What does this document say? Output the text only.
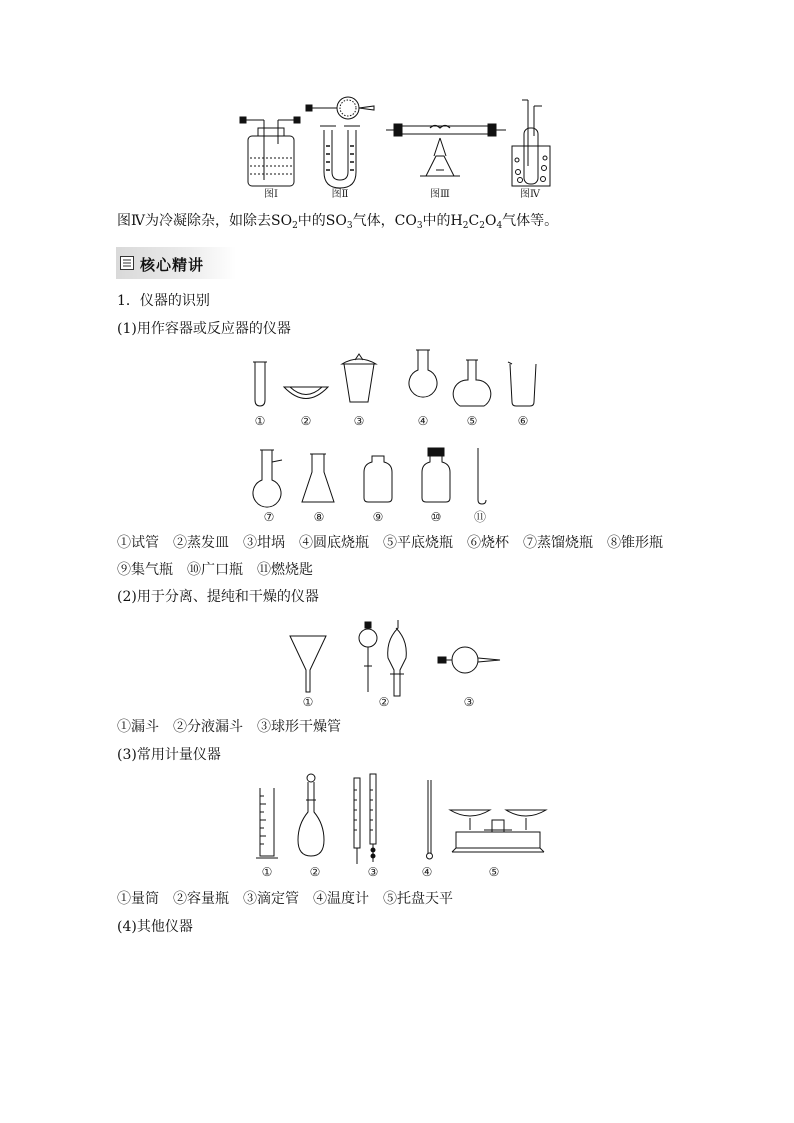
图Ⅰ	图Ⅱ	图Ⅲ	图Ⅳ
图Ⅳ为冷凝除杂，如除去$SO_2$中的$SO_3$气体，$CO_3$中的$H_2C_2O_4$气体等。
核心精讲
1．仪器的识别
(1)用作容器或反应器的仪器
①	②	③	④	⑤	⑥
⑦	⑧	⑨	⑩	⑪
①试管 ②蒸发皿 ③坩埚 ④圆底烧瓶 ⑤平底烧瓶 ⑥烧杯 ⑦蒸馏烧瓶 ⑧锥形瓶
⑨集气瓶 ⑩广口瓶 ⑪燃烧匙
(2)用于分离、提纯和干燥的仪器
①	②	③
①漏斗 ②分液漏斗 ③球形干燥管
(3)常用计量仪器
①	②	③	④	⑤
①量筒 ②容量瓶 ③滴定管 ④温度计 ⑤托盘天平
(4)其他仪器
